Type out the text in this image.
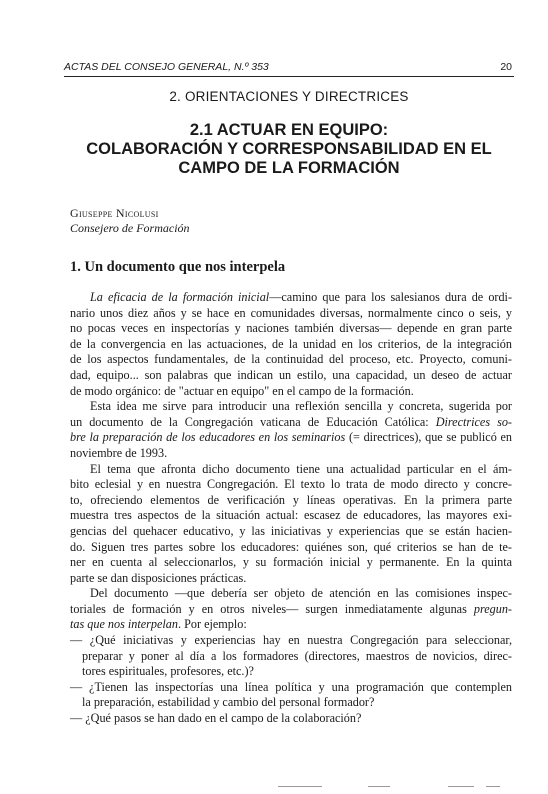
ACTAS DEL CONSEJO GENERAL, N.º 353	20
2. ORIENTACIONES Y DIRECTRICES
2.1 ACTUAR EN EQUIPO:
COLABORACIÓN Y CORRESPONSABILIDAD EN EL
CAMPO DE LA FORMACIÓN
Giuseppe Nicolusi
Consejero de Formación
1. Un documento que nos interpela
La eficacia de la formación inicial—camino que para los salesianos dura de ordi-
nario unos diez años y se hace en comunidades diversas, normalmente cinco o seis, y
no pocas veces en inspectorías y naciones también diversas— depende en gran parte
de la convergencia en las actuaciones, de la unidad en los criterios, de la integración
de los aspectos fundamentales, de la continuidad del proceso, etc. Proyecto, comuni-
dad, equipo... son palabras que indican un estilo, una capacidad, un deseo de actuar
de modo orgánico: de "actuar en equipo" en el campo de la formación.
Esta idea me sirve para introducir una reflexión sencilla y concreta, sugerida por
un documento de la Congregación vaticana de Educación Católica: Directrices so-
bre la preparación de los educadores en los seminarios (= directrices), que se publicó en
noviembre de 1993.
El tema que afronta dicho documento tiene una actualidad particular en el ám-
bito eclesial y en nuestra Congregación. El texto lo trata de modo directo y concre-
to, ofreciendo elementos de verificación y líneas operativas. En la primera parte
muestra tres aspectos de la situación actual: escasez de educadores, las mayores exi-
gencias del quehacer educativo, y las iniciativas y experiencias que se están hacien-
do. Siguen tres partes sobre los educadores: quiénes son, qué criterios se han de te-
ner en cuenta al seleccionarlos, y su formación inicial y permanente. En la quinta
parte se dan disposiciones prácticas.
Del documento —que debería ser objeto de atención en las comisiones inspec-
toriales de formación y en otros niveles— surgen inmediatamente algunas pregun-
tas que nos interpelan. Por ejemplo:
— ¿Qué iniciativas y experiencias hay en nuestra Congregación para seleccionar,
preparar y poner al día a los formadores (directores, maestros de novicios, direc-
tores espirituales, profesores, etc.)?
— ¿Tienen las inspectorías una línea política y una programación que contemplen
la preparación, estabilidad y cambio del personal formador?
— ¿Qué pasos se han dado en el campo de la colaboración?
